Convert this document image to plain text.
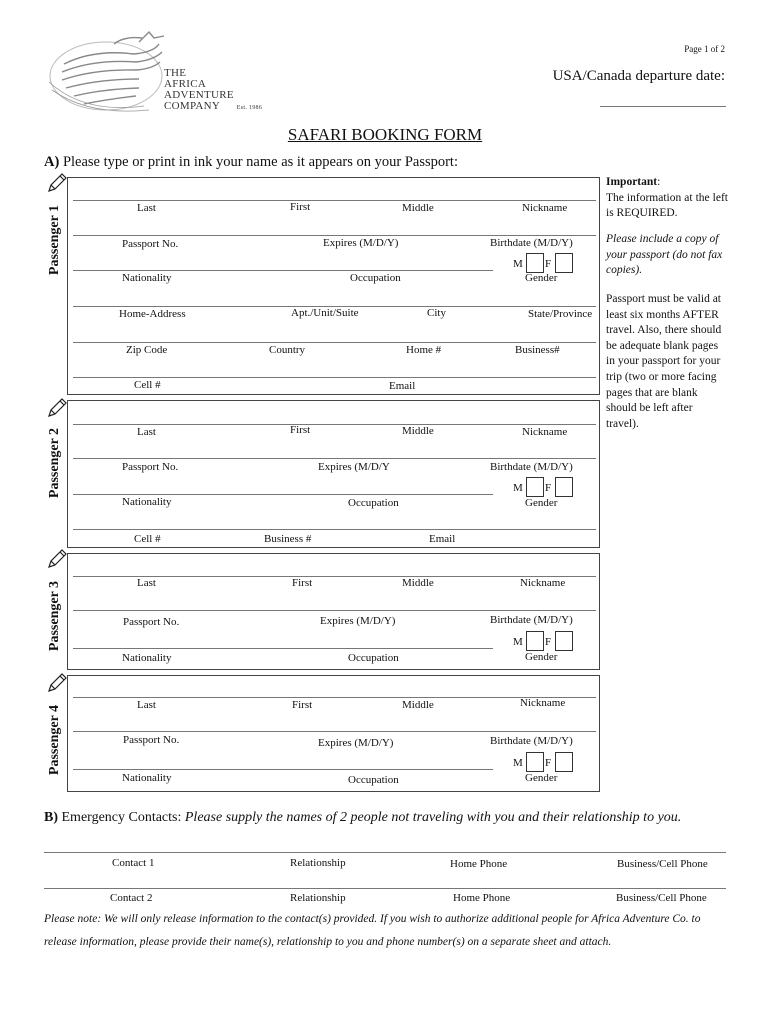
THE
AFRICA ADVENTURE
COMPANY	Est. 1986
Page 1 of 2
USA/Canada departure date:
SAFARI BOOKING FORM
A) Please type or print in ink your name as it appears on your Passport:
Important:
The information at the left is REQUIRED.
Please include a copy of your passport (do not fax copies).
Passport must be valid at least six months AFTER travel. Also, there should be adequate blank pages in your passport for your trip (two or more facing pages that are blank should be left after travel).
Passenger 1	Last	First	Middle	Nickname
Passport No.	Expires (M/D/Y)	Birthdate (M/D/Y)
M F
Nationality	Occupation	Gender
Home-Address	Apt./Unit/Suite	City	State/Province
Zip Code	Country	Home #	Business#
Cell #	Email
Passenger 2	Last	First	Middle	Nickname
Passport No.	Expires (M/D/Y	Birthdate (M/D/Y)
M F
Nationality	Occupation	Gender
Cell #	Business #	Email
Passenger 3	Last	First	Middle	Nickname
Passport No.	Expires (M/D/Y)	Birthdate (M/D/Y)
M F
Nationality	Occupation	Gender
Passenger 4	Last	First	Middle	Nickname
Passport No.	Expires (M/D/Y)	Birthdate (M/D/Y)
M F
Nationality	Occupation	Gender
B) Emergency Contacts: Please supply the names of 2 people not traveling with you and their relationship to you.
Contact 1	Relationship	Home Phone	Business/Cell Phone
Contact 2	Relationship	Home Phone	Business/Cell Phone
Please note: We will only release information to the contact(s) provided. If you wish to authorize additional people for Africa Adventure Co. to release information, please provide their name(s), relationship to you and phone number(s) on a separate sheet and attach.
